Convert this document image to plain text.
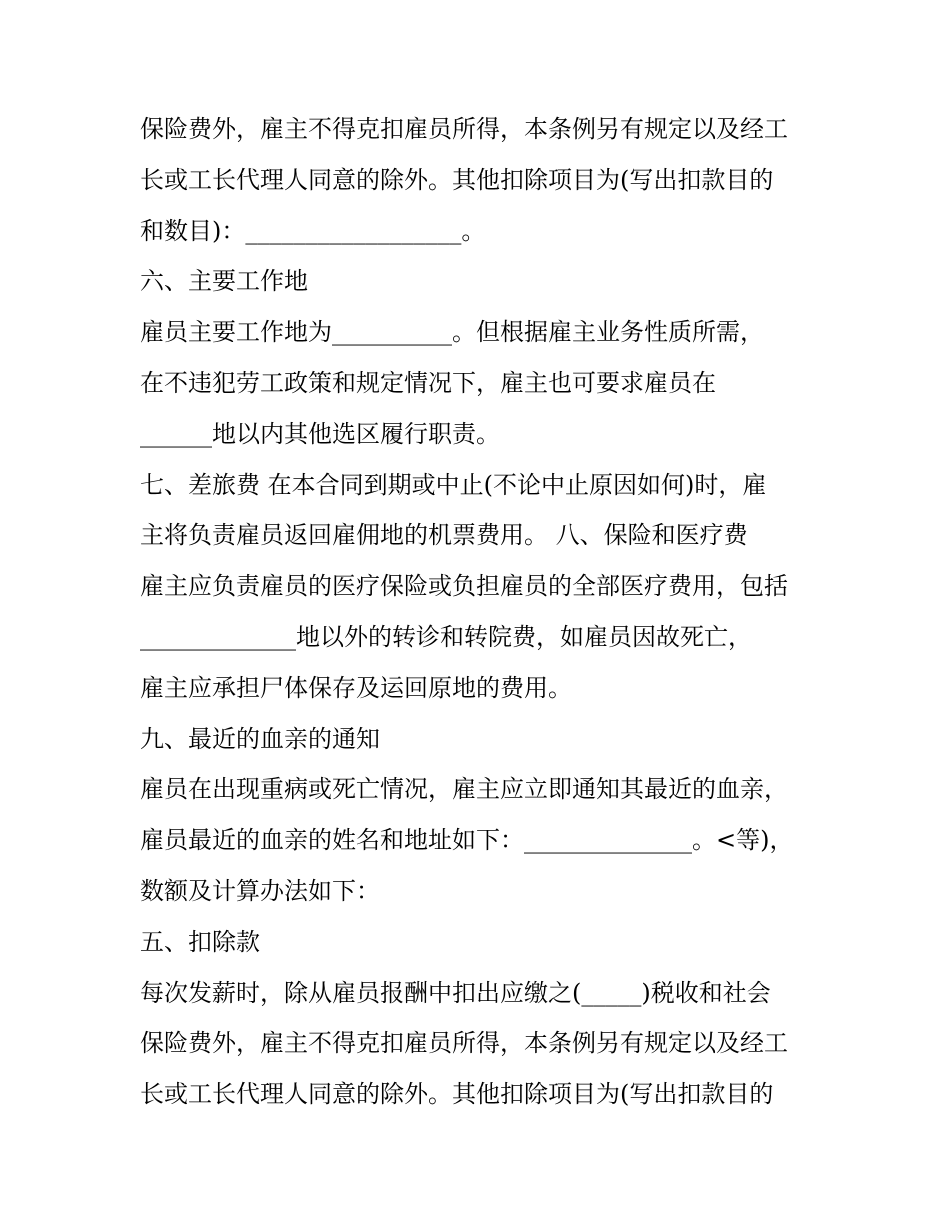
保险费外，雇主不得克扣雇员所得，本条例另有规定以及经工
长或工长代理人同意的除外。其他扣除项目为(写出扣款目的
和数目)：__________________。
六、主要工作地
雇员主要工作地为__________。但根据雇主业务性质所需，
在不违犯劳工政策和规定情况下，雇主也可要求雇员在
______地以内其他选区履行职责。
七、差旅费 在本合同到期或中止(不论中止原因如何)时，雇
主将负责雇员返回雇佣地的机票费用。 八、保险和医疗费
雇主应负责雇员的医疗保险或负担雇员的全部医疗费用，包括
_____________地以外的转诊和转院费，如雇员因故死亡，
雇主应承担尸体保存及运回原地的费用。
九、最近的血亲的通知
雇员在出现重病或死亡情况，雇主应立即通知其最近的血亲，
雇员最近的血亲的姓名和地址如下：______________。<等)，
数额及计算办法如下：
五、扣除款
每次发薪时，除从雇员报酬中扣出应缴之(_____)税收和社会
保险费外，雇主不得克扣雇员所得，本条例另有规定以及经工
长或工长代理人同意的除外。其他扣除项目为(写出扣款目的
